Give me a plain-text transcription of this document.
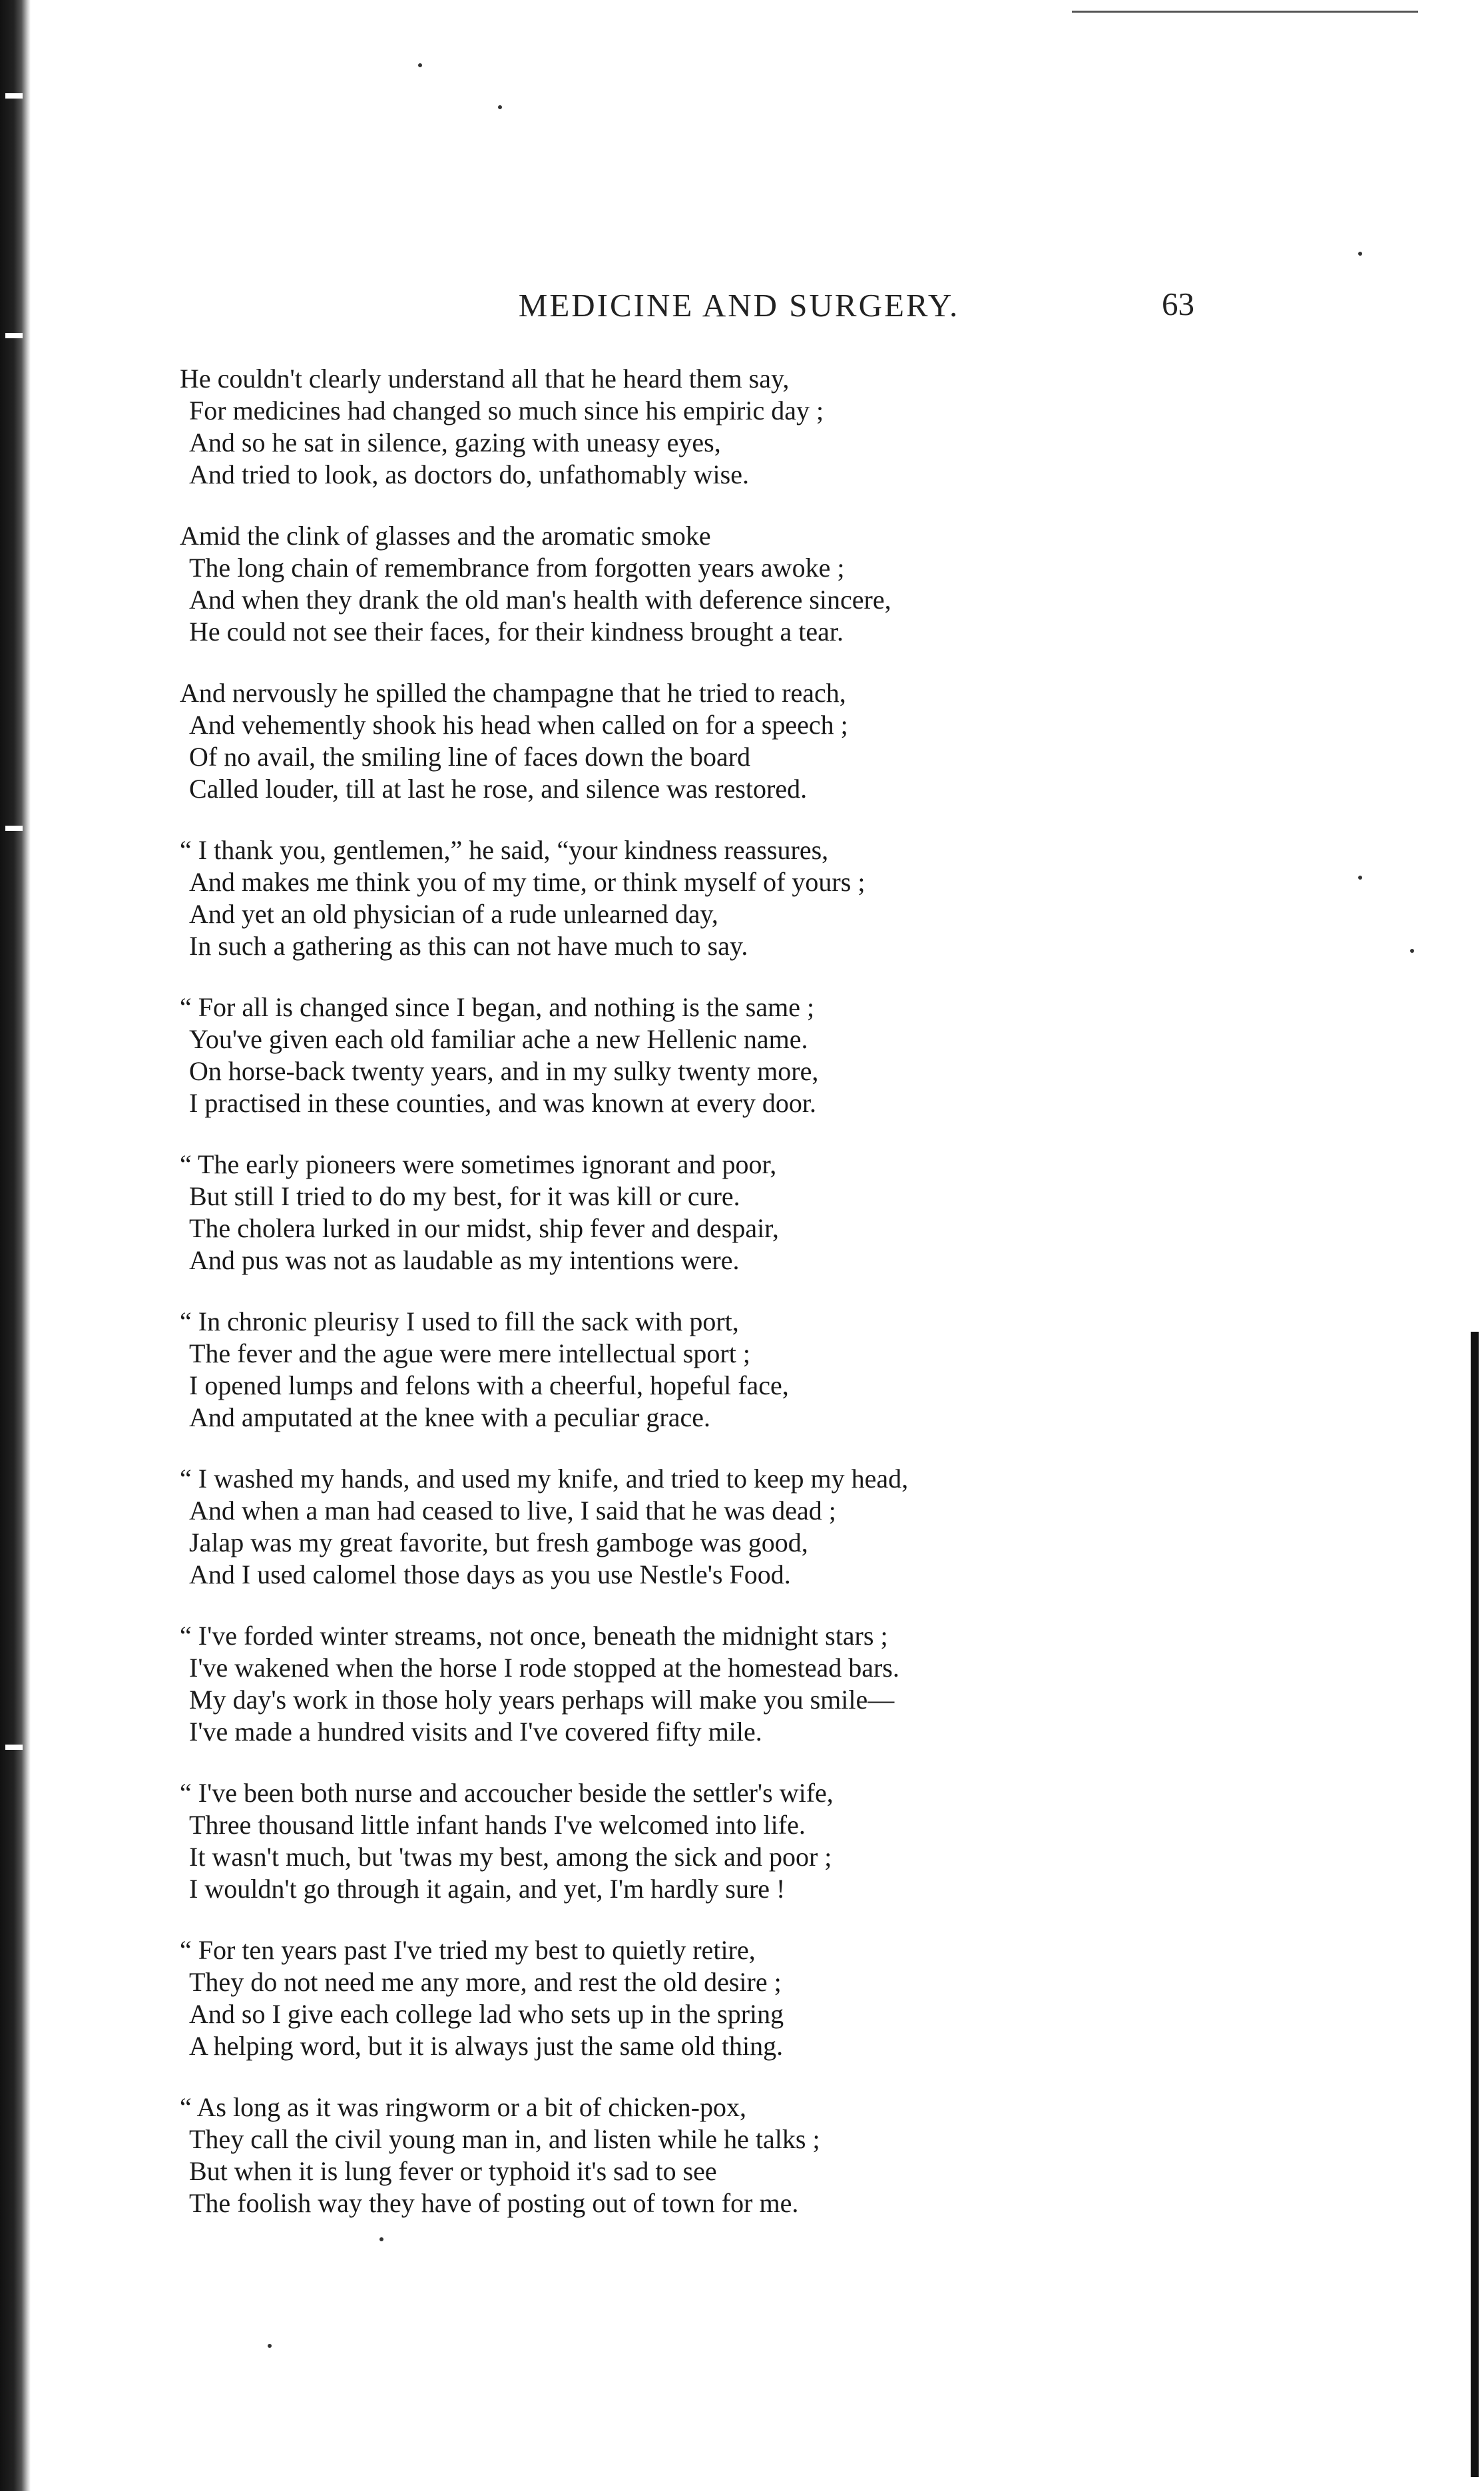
MEDICINE AND SURGERY.	63
He couldn't clearly understand all that he heard them say,
For medicines had changed so much since his empiric day ;
And so he sat in silence, gazing with uneasy eyes,
And tried to look, as doctors do, unfathomably wise.
Amid the clink of glasses and the aromatic smoke
The long chain of remembrance from forgotten years awoke ;
And when they drank the old man's health with deference sincere,
He could not see their faces, for their kindness brought a tear.
And nervously he spilled the champagne that he tried to reach,
And vehemently shook his head when called on for a speech ;
Of no avail, the smiling line of faces down the board
Called louder, till at last he rose, and silence was restored.
“ I thank you, gentlemen,” he said, “your kindness reassures,
And makes me think you of my time, or think myself of yours ;
And yet an old physician of a rude unlearned day,
In such a gathering as this can not have much to say.
“ For all is changed since I began, and nothing is the same ;
You've given each old familiar ache a new Hellenic name.
On horse-back twenty years, and in my sulky twenty more,
I practised in these counties, and was known at every door.
“ The early pioneers were sometimes ignorant and poor,
But still I tried to do my best, for it was kill or cure.
The cholera lurked in our midst, ship fever and despair,
And pus was not as laudable as my intentions were.
“ In chronic pleurisy I used to fill the sack with port,
The fever and the ague were mere intellectual sport ;
I opened lumps and felons with a cheerful, hopeful face,
And amputated at the knee with a peculiar grace.
“ I washed my hands, and used my knife, and tried to keep my head,
And when a man had ceased to live, I said that he was dead ;
Jalap was my great favorite, but fresh gamboge was good,
And I used calomel those days as you use Nestle's Food.
“ I've forded winter streams, not once, beneath the midnight stars ;
I've wakened when the horse I rode stopped at the homestead bars.
My day's work in those holy years perhaps will make you smile—
I've made a hundred visits and I've covered fifty mile.
“ I've been both nurse and accoucher beside the settler's wife,
Three thousand little infant hands I've welcomed into life.
It wasn't much, but 'twas my best, among the sick and poor ;
I wouldn't go through it again, and yet, I'm hardly sure !
“ For ten years past I've tried my best to quietly retire,
They do not need me any more, and rest the old desire ;
And so I give each college lad who sets up in the spring
A helping word, but it is always just the same old thing.
“ As long as it was ringworm or a bit of chicken-pox,
They call the civil young man in, and listen while he talks ;
But when it is lung fever or typhoid it's sad to see
The foolish way they have of posting out of town for me.
